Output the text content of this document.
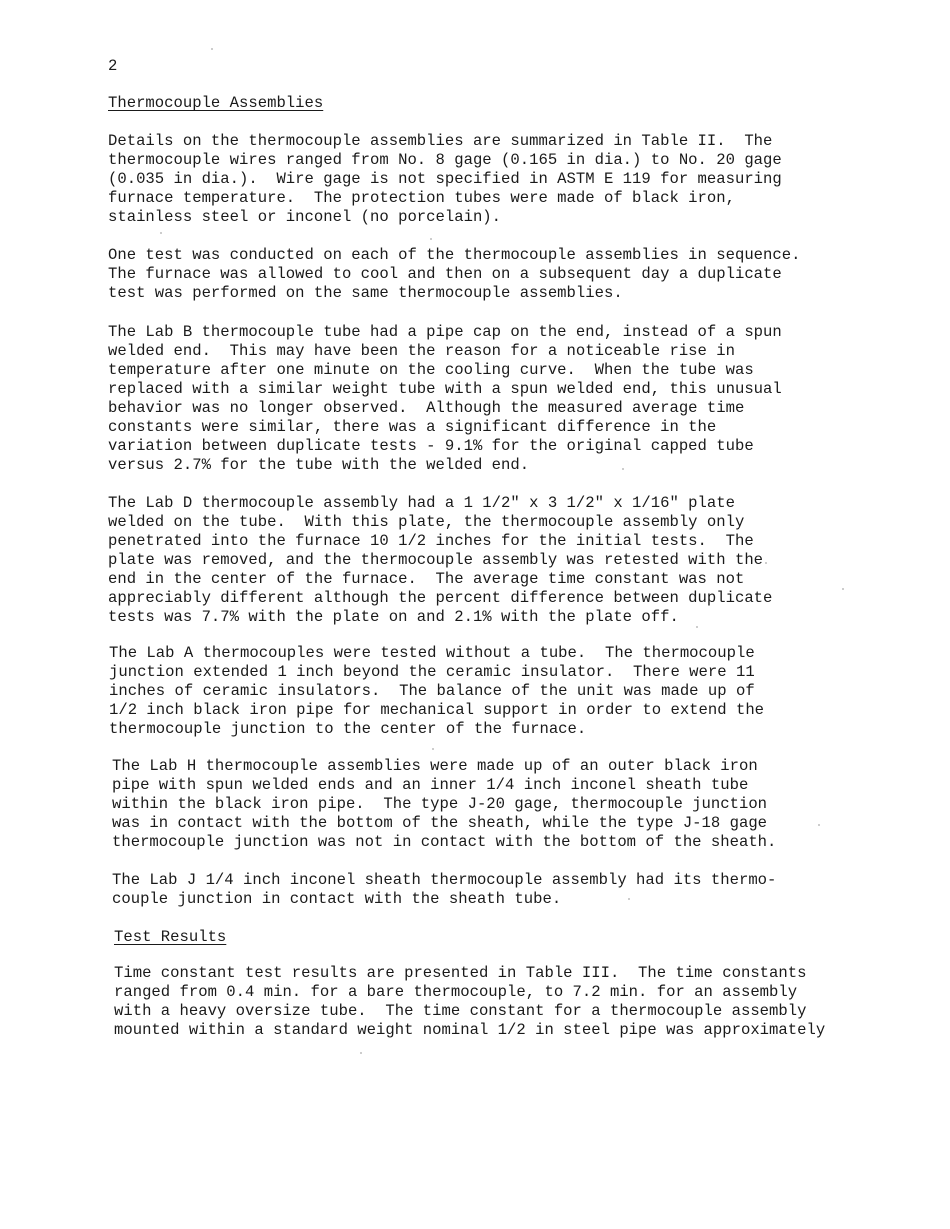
2

Thermocouple Assemblies
Details on the thermocouple assemblies are summarized in Table II.  The
thermocouple wires ranged from No. 8 gage (0.165 in dia.) to No. 20 gage
(0.035 in dia.).  Wire gage is not specified in ASTM E 119 for measuring
furnace temperature.  The protection tubes were made of black iron,
stainless steel or inconel (no porcelain).
One test was conducted on each of the thermocouple assemblies in sequence.
The furnace was allowed to cool and then on a subsequent day a duplicate
test was performed on the same thermocouple assemblies.
The Lab B thermocouple tube had a pipe cap on the end, instead of a spun
welded end.  This may have been the reason for a noticeable rise in
temperature after one minute on the cooling curve.  When the tube was
replaced with a similar weight tube with a spun welded end, this unusual
behavior was no longer observed.  Although the measured average time
constants were similar, there was a significant difference in the
variation between duplicate tests - 9.1% for the original capped tube
versus 2.7% for the tube with the welded end.
The Lab D thermocouple assembly had a 1 1/2" x 3 1/2" x 1/16" plate
welded on the tube.  With this plate, the thermocouple assembly only
penetrated into the furnace 10 1/2 inches for the initial tests.  The
plate was removed, and the thermocouple assembly was retested with the
end in the center of the furnace.  The average time constant was not
appreciably different although the percent difference between duplicate
tests was 7.7% with the plate on and 2.1% with the plate off.
The Lab A thermocouples were tested without a tube.  The thermocouple
junction extended 1 inch beyond the ceramic insulator.  There were 11
inches of ceramic insulators.  The balance of the unit was made up of
1/2 inch black iron pipe for mechanical support in order to extend the
thermocouple junction to the center of the furnace.
The Lab H thermocouple assemblies were made up of an outer black iron
pipe with spun welded ends and an inner 1/4 inch inconel sheath tube
within the black iron pipe.  The type J-20 gage, thermocouple junction
was in contact with the bottom of the sheath, while the type J-18 gage
thermocouple junction was not in contact with the bottom of the sheath.
The Lab J 1/4 inch inconel sheath thermocouple assembly had its thermo-
couple junction in contact with the sheath tube.
Test Results
Time constant test results are presented in Table III.  The time constants
ranged from 0.4 min. for a bare thermocouple, to 7.2 min. for an assembly
with a heavy oversize tube.  The time constant for a thermocouple assembly
mounted within a standard weight nominal 1/2 in steel pipe was approximately
